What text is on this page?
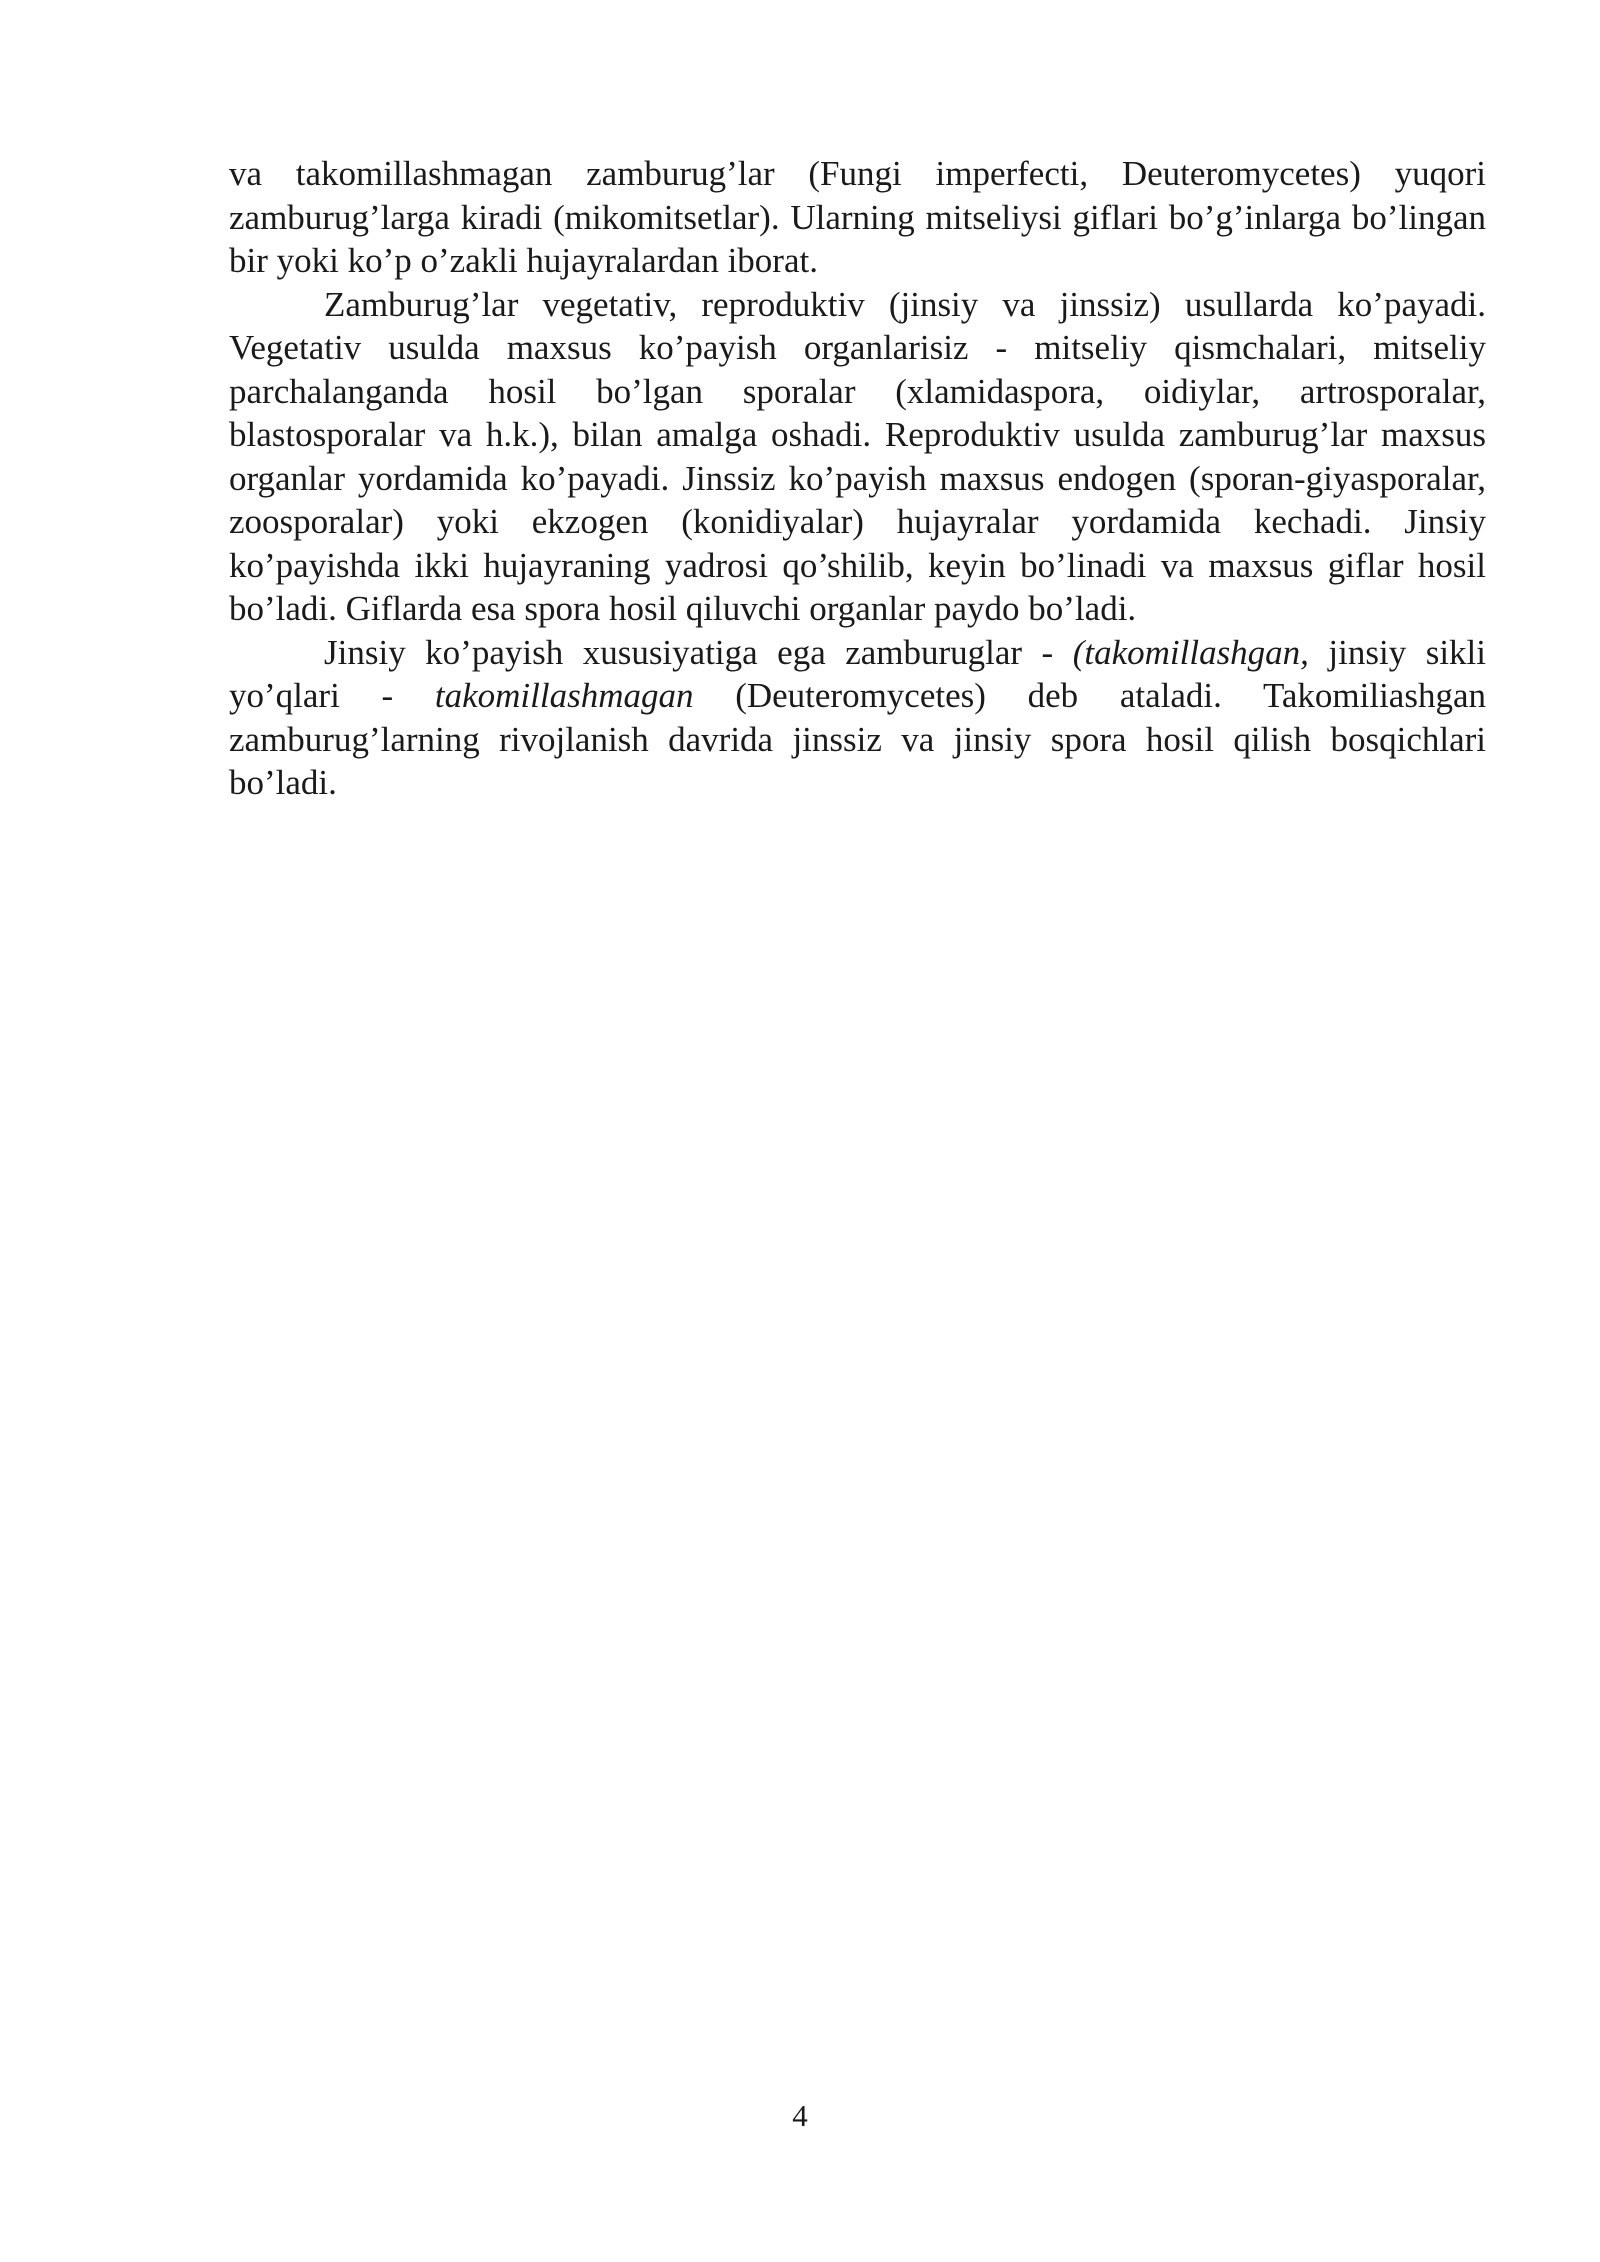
va takomillashmagan zamburug’lar (Fungi imperfecti, Deuteromycetes) yuqori zamburug’larga kiradi (mikomitsetlar). Ularning mitseliysi giflari bo’g’inlarga bo’lingan bir yoki ko’p o’zakli hujayralardan iborat.

Zamburug’lar vegetativ, reproduktiv (jinsiy va jinssiz) usullarda ko’payadi. Vegetativ usulda maxsus ko’payish organlarisiz - mitseliy qismchalari, mitseliy parchalanganda hosil bo’lgan sporalar (xlamidaspora, oidiylar, artrosporalar, blastosporalar va h.k.), bilan amalga oshadi. Reproduktiv usulda zamburug’lar maxsus organlar yordamida ko’payadi. Jinssiz ko’payish maxsus endogen (sporan-giyasporalar, zoosporalar) yoki ekzogen (konidiyalar) hujayralar yordamida kechadi. Jinsiy ko’payishda ikki hujayraning yadrosi qo’shilib, keyin bo’linadi va maxsus giflar hosil bo’ladi. Giflarda esa spora hosil qiluvchi organlar paydo bo’ladi.

Jinsiy ko’payish xususiyatiga ega zamburuglar - (takomillashgan, jinsiy sikli yo’qlari - takomillashmagan (Deuteromycetes) deb ataladi. Takomiliashgan zamburug’larning rivojlanish davrida jinssiz va jinsiy spora hosil qilish bosqichlari bo’ladi.

4
